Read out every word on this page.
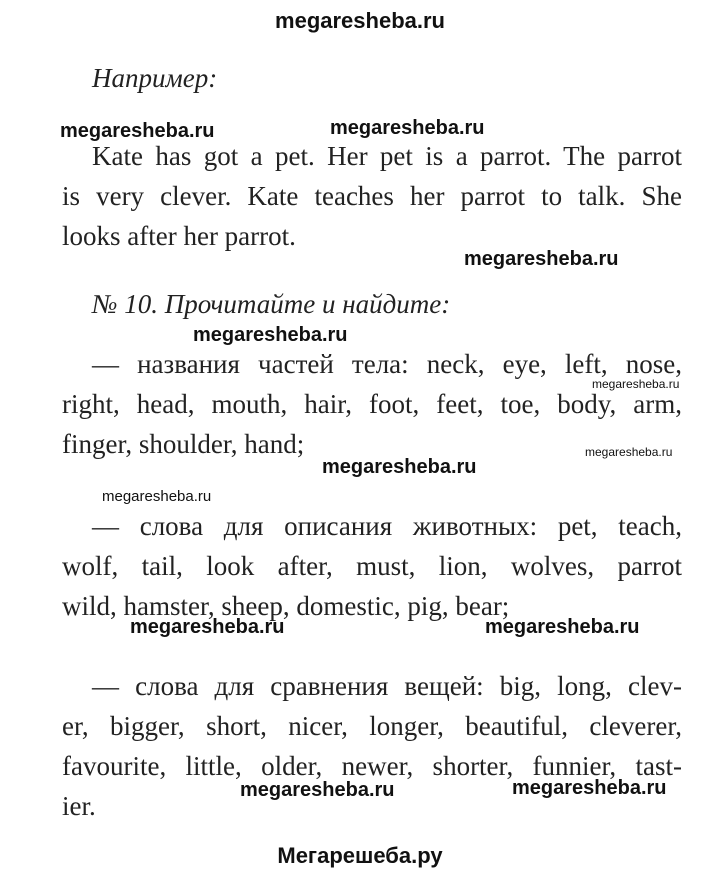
megaresheba.ru
Например:
Kate has got a pet. Her pet is a parrot. The parrot
is very clever. Kate teaches her parrot to talk. She
looks after her parrot.
№ 10. Прочитайте и найдите:
— названия частей тела: neck, eye, left, nose,
right, head, mouth, hair, foot, feet, toe, body, arm,
finger, shoulder, hand;
— слова для описания животных: pet, teach,
wolf, tail, look after, must, lion, wolves, parrot
wild, hamster, sheep, domestic, pig, bear;
— слова для сравнения вещей: big, long, clev-
er, bigger, short, nicer, longer, beautiful, cleverer,
favourite, little, older, newer, shorter, funnier, tast-
ier.
megaresheba.ru	megaresheba.ru
megaresheba.ru
megaresheba.ru
megaresheba.ru
megaresheba.ru
megaresheba.ru
megaresheba.ru
megaresheba.ru	megaresheba.ru
megaresheba.ru	megaresheba.ru
Мегарешеба.ру
